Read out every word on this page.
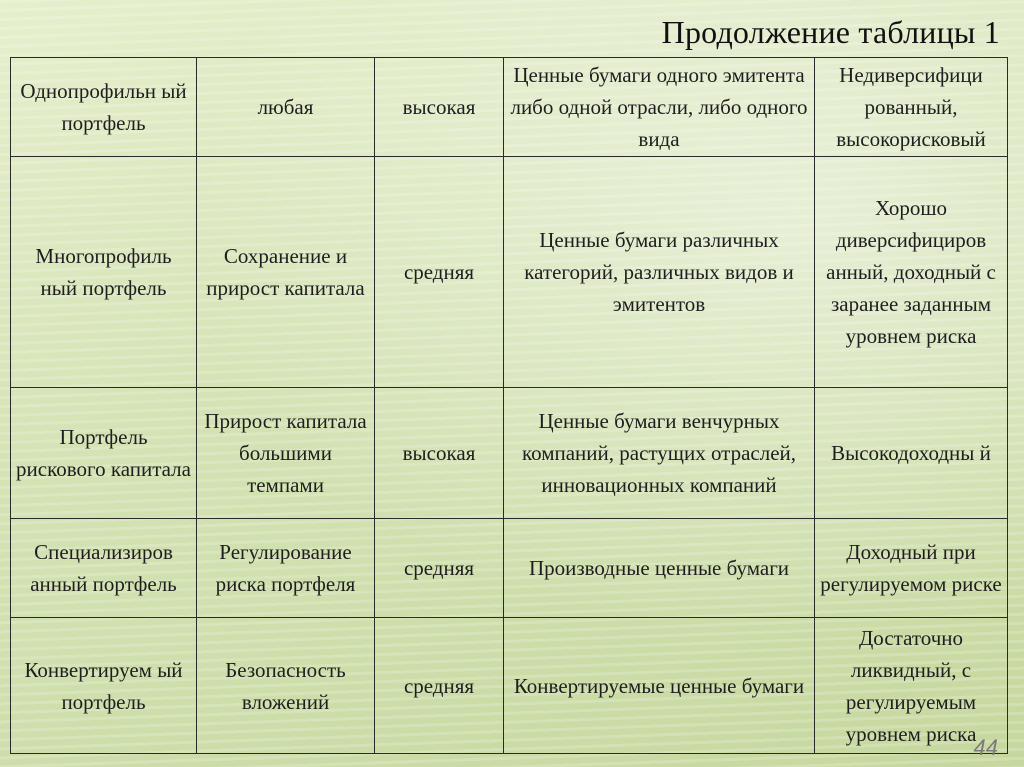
Продолжение таблицы 1
Однопрофильн ый портфель	любая	высокая	Ценные бумаги одного эмитента либо одной отрасли, либо одного вида	Недиверсифици рованный, высокорисковый
Многопрофиль ный портфель	Сохранение и прирост капитала	средняя	Ценные бумаги различных категорий, различных видов и эмитентов	Хорошо диверсифициров анный, доходный с заранее заданным уровнем риска
Портфель рискового капитала	Прирост капитала большими темпами	высокая	Ценные бумаги венчурных компаний, растущих отраслей, инновационных компаний	Высокодоходны й
Специализиров анный портфель	Регулирование риска портфеля	средняя	Производные ценные бумаги	Доходный при регулируемом риске
Конвертируем ый портфель	Безопасность вложений	средняя	Конвертируемые ценные бумаги	Достаточно ликвидный, с регулируемым уровнем риска
44
